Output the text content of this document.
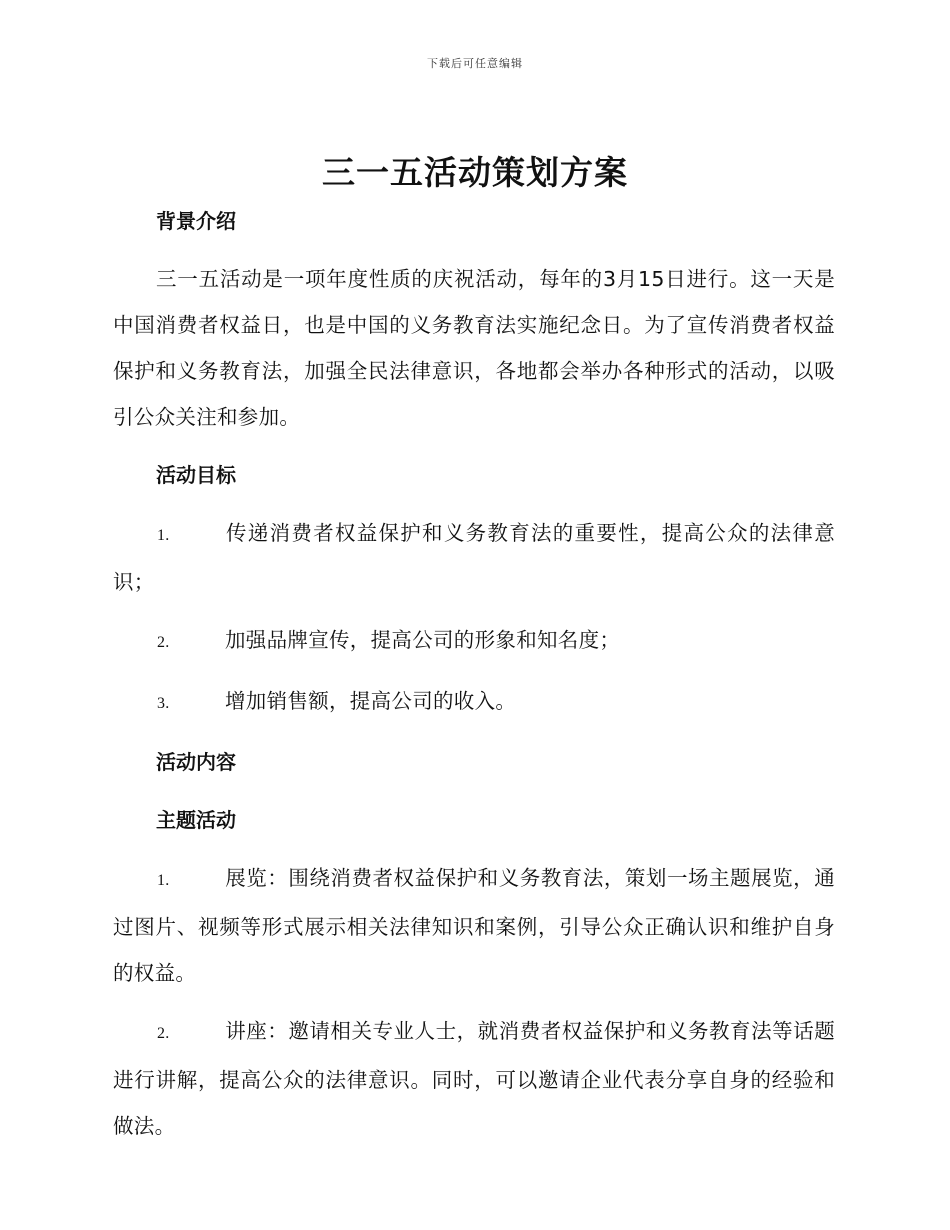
下载后可任意编辑
三一五活动策划方案
背景介绍

三一五活动是一项年度性质的庆祝活动，每年的3月15日进行。这一天是中国消费者权益日，也是中国的义务教育法实施纪念日。为了宣传消费者权益保护和义务教育法，加强全民法律意识，各地都会举办各种形式的活动，以吸引公众关注和参加。

活动目标

1.	传递消费者权益保护和义务教育法的重要性，提高公众的法律意识；

2.	加强品牌宣传，提高公司的形象和知名度；

3.	增加销售额，提高公司的收入。

活动内容
主题活动

1.	展览：围绕消费者权益保护和义务教育法，策划一场主题展览，通过图片、视频等形式展示相关法律知识和案例，引导公众正确认识和维护自身的权益。

2.	讲座：邀请相关专业人士，就消费者权益保护和义务教育法等话题进行讲解，提高公众的法律意识。同时，可以邀请企业代表分享自身的经验和做法。
